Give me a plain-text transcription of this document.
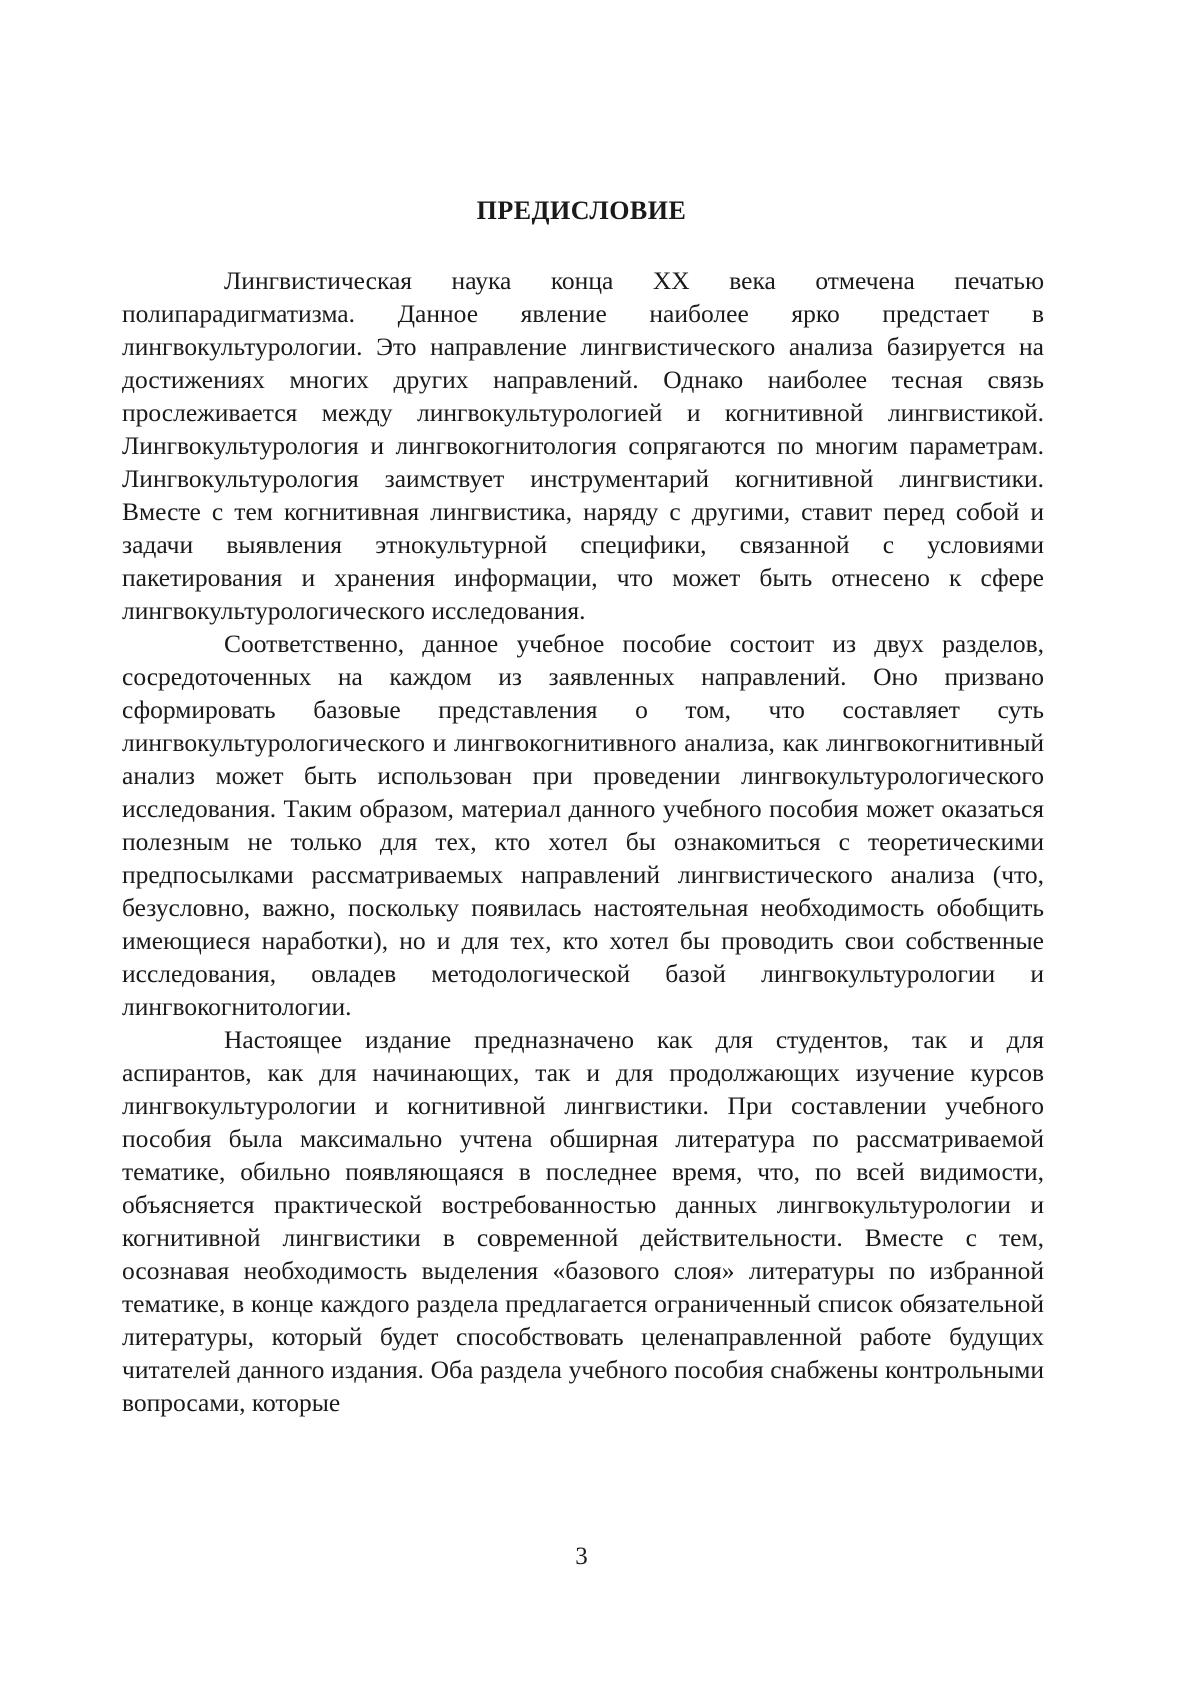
ПРЕДИСЛОВИЕ

Лингвистическая наука конца XX века отмечена печатью полипарадигматизма. Данное явление наиболее ярко предстает в лингвокультурологии. Это направление лингвистического анализа базируется на достижениях многих других направлений. Однако наиболее тесная связь прослеживается между лингвокультурологией и когнитивной лингвистикой. Лингвокультурология и лингвокогнитология сопрягаются по многим параметрам. Лингвокультурология заимствует инструментарий когнитивной лингвистики. Вместе с тем когнитивная лингвистика, наряду с другими, ставит перед собой и задачи выявления этнокультурной специфики, связанной с условиями пакетирования и хранения информации, что может быть отнесено к сфере лингвокультурологического исследования.

Соответственно, данное учебное пособие состоит из двух разделов, сосредоточенных на каждом из заявленных направлений. Оно призвано сформировать базовые представления о том, что составляет суть лингвокультурологического и лингвокогнитивного анализа, как лингвокогнитивный анализ может быть использован при проведении лингвокультурологического исследования. Таким образом, материал данного учебного пособия может оказаться полезным не только для тех, кто хотел бы ознакомиться с теоретическими предпосылками рассматриваемых направлений лингвистического анализа (что, безусловно, важно, поскольку появилась настоятельная необходимость обобщить имеющиеся наработки), но и для тех, кто хотел бы проводить свои собственные исследования, овладев методологической базой лингвокультурологии и лингвокогнитологии.

Настоящее издание предназначено как для студентов, так и для аспирантов, как для начинающих, так и для продолжающих изучение курсов лингвокультурологии и когнитивной лингвистики. При составлении учебного пособия была максимально учтена обширная литература по рассматриваемой тематике, обильно появляющаяся в последнее время, что, по всей видимости, объясняется практической востребованностью данных лингвокультурологии и когнитивной лингвистики в современной действительности. Вместе с тем, осознавая необходимость выделения «базового слоя» литературы по избранной тематике, в конце каждого раздела предлагается ограниченный список обязательной литературы, который будет способствовать целенаправленной работе будущих читателей данного издания. Оба раздела учебного пособия снабжены контрольными вопросами, которые

3
